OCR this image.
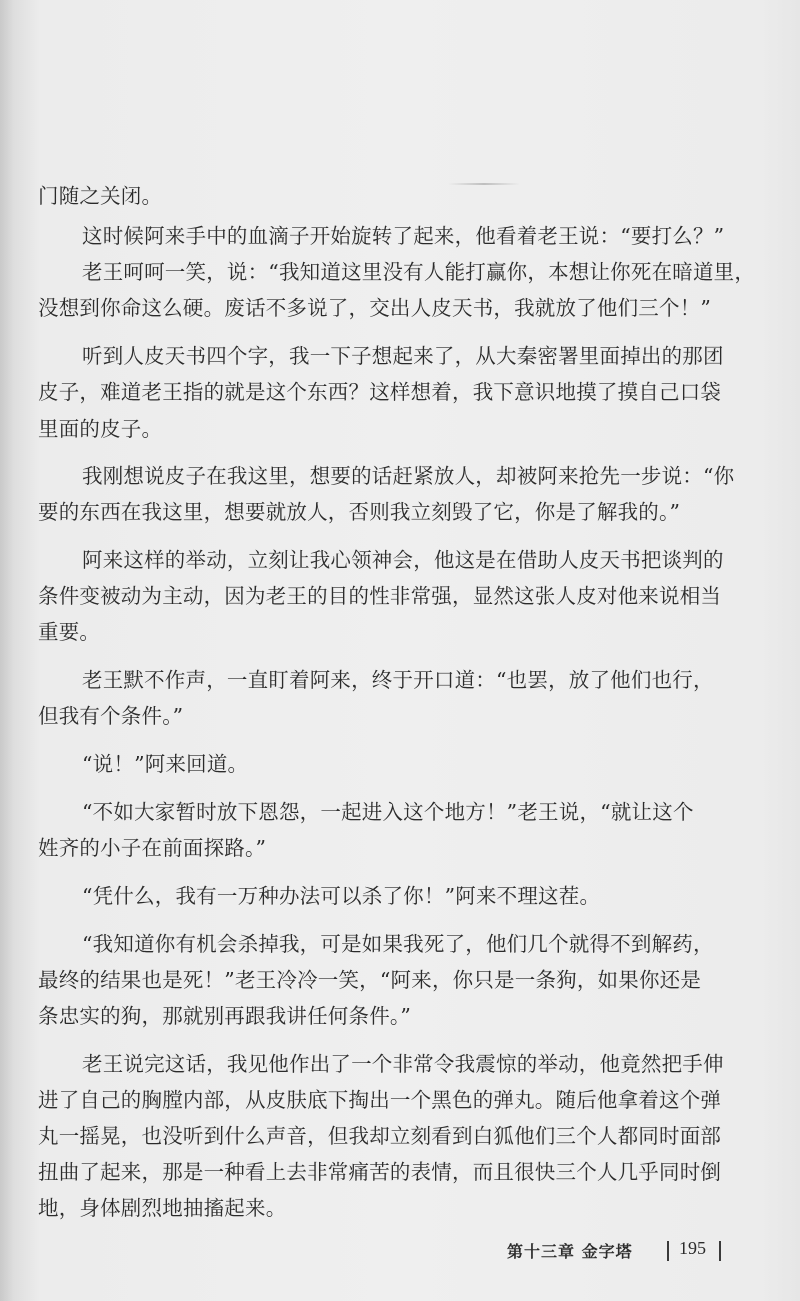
门随之关闭。
这时候阿来手中的血滴子开始旋转了起来，他看着老王说：“要打么？”
老王呵呵一笑，说：“我知道这里没有人能打赢你，本想让你死在暗道里，
没想到你命这么硬。废话不多说了，交出人皮天书，我就放了他们三个！”
听到人皮天书四个字，我一下子想起来了，从大秦密署里面掉出的那团
皮子，难道老王指的就是这个东西？这样想着，我下意识地摸了摸自己口袋
里面的皮子。
我刚想说皮子在我这里，想要的话赶紧放人，却被阿来抢先一步说：“你
要的东西在我这里，想要就放人，否则我立刻毁了它，你是了解我的。”
阿来这样的举动，立刻让我心领神会，他这是在借助人皮天书把谈判的
条件变被动为主动，因为老王的目的性非常强，显然这张人皮对他来说相当
重要。
老王默不作声，一直盯着阿来，终于开口道：“也罢，放了他们也行，
但我有个条件。”
“说！”阿来回道。
“不如大家暂时放下恩怨，一起进入这个地方！”老王说，“就让这个
姓齐的小子在前面探路。”
“凭什么，我有一万种办法可以杀了你！”阿来不理这茬。
“我知道你有机会杀掉我，可是如果我死了，他们几个就得不到解药，
最终的结果也是死！”老王冷冷一笑，“阿来，你只是一条狗，如果你还是
条忠实的狗，那就别再跟我讲任何条件。”
老王说完这话，我见他作出了一个非常令我震惊的举动，他竟然把手伸
进了自己的胸膛内部，从皮肤底下掏出一个黑色的弹丸。随后他拿着这个弹
丸一摇晃，也没听到什么声音，但我却立刻看到白狐他们三个人都同时面部
扭曲了起来，那是一种看上去非常痛苦的表情，而且很快三个人几乎同时倒
地，身体剧烈地抽搐起来。
第十三章 金字塔	195
